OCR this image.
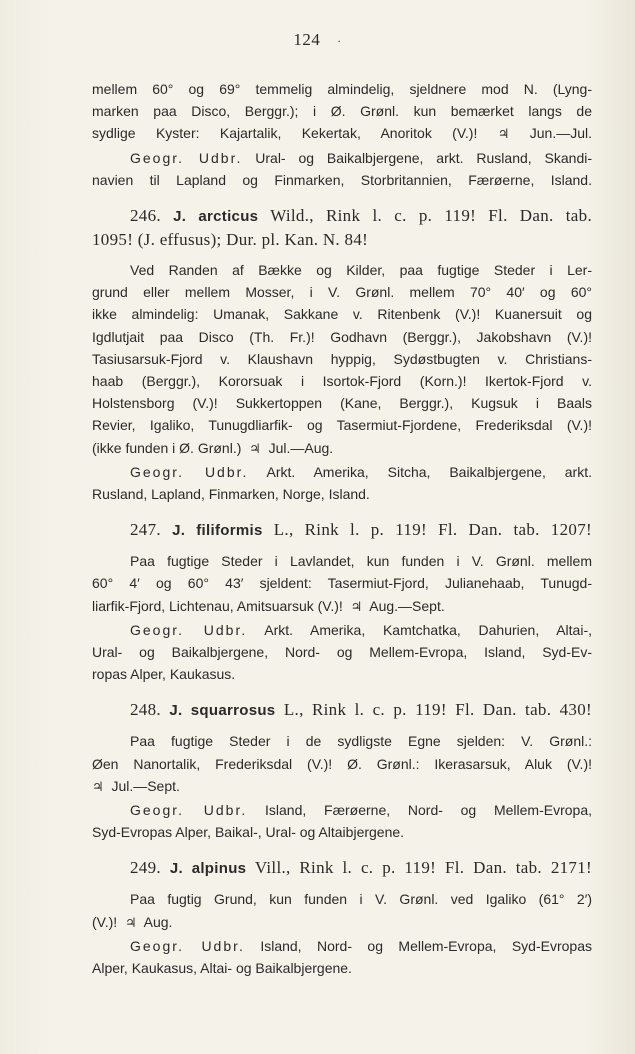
124 ·

mellem 60° og 69° temmelig almindelig, sjeldnere mod N. (Lyng-
marken paa Disco, Berggr.); i Ø. Grønl. kun bemærket langs de
sydlige Kyster: Kajartalik, Kekertak, Anoritok (V.)! ♃ Jun.—Jul.
Geogr. Udbr. Ural- og Baikalbjergene, arkt. Rusland, Skandi-
navien til Lapland og Finmarken, Storbritannien, Færøerne, Island.

246. J. arcticus Wild., Rink l. c. p. 119! Fl. Dan. tab.
1095! (J. effusus); Dur. pl. Kan. N. 84!

Ved Randen af Bække og Kilder, paa fugtige Steder i Ler-
grund eller mellem Mosser, i V. Grønl. mellem 70° 40′ og 60°
ikke almindelig: Umanak, Sakkane v. Ritenbenk (V.)! Kuanersuit og
Igdlutjait paa Disco (Th. Fr.)! Godhavn (Berggr.), Jakobshavn (V.)!
Tasiusarsuk-Fjord v. Klaushavn hyppig, Sydøstbugten v. Christians-
haab (Berggr.), Kororsuak i Isortok-Fjord (Korn.)! Ikertok-Fjord v.
Holstensborg (V.)! Sukkertoppen (Kane, Berggr.), Kugsuk i Baals
Revier, Igaliko, Tunugdliarfik- og Tasermiut-Fjordene, Frederiksdal (V.)!
(ikke funden i Ø. Grønl.) ♃ Jul.—Aug.
Geogr. Udbr. Arkt. Amerika, Sitcha, Baikalbjergene, arkt.
Rusland, Lapland, Finmarken, Norge, Island.

247. J. filiformis L., Rink l. p. 119! Fl. Dan. tab. 1207!

Paa fugtige Steder i Lavlandet, kun funden i V. Grønl. mellem
60° 4′ og 60° 43′ sjeldent: Tasermiut-Fjord, Julianehaab, Tunugd-
liarfik-Fjord, Lichtenau, Amitsuarsuk (V.)! ♃ Aug.—Sept.
Geogr. Udbr. Arkt. Amerika, Kamtchatka, Dahurien, Altai-,
Ural- og Baikalbjergene, Nord- og Mellem-Evropa, Island, Syd-Ev-
ropas Alper, Kaukasus.

248. J. squarrosus L., Rink l. c. p. 119! Fl. Dan. tab. 430!

Paa fugtige Steder i de sydligste Egne sjelden: V. Grønl.:
Øen Nanortalik, Frederiksdal (V.)! Ø. Grønl.: Ikerasarsuk, Aluk (V.)!
♃ Jul.—Sept.
Geogr. Udbr. Island, Færøerne, Nord- og Mellem-Evropa,
Syd-Evropas Alper, Baikal-, Ural- og Altaibjergene.

249. J. alpinus Vill., Rink l. c. p. 119! Fl. Dan. tab. 2171!

Paa fugtig Grund, kun funden i V. Grønl. ved Igaliko (61° 2′)
(V.)! ♃ Aug.
Geogr. Udbr. Island, Nord- og Mellem-Evropa, Syd-Evropas
Alper, Kaukasus, Altai- og Baikalbjergene.
